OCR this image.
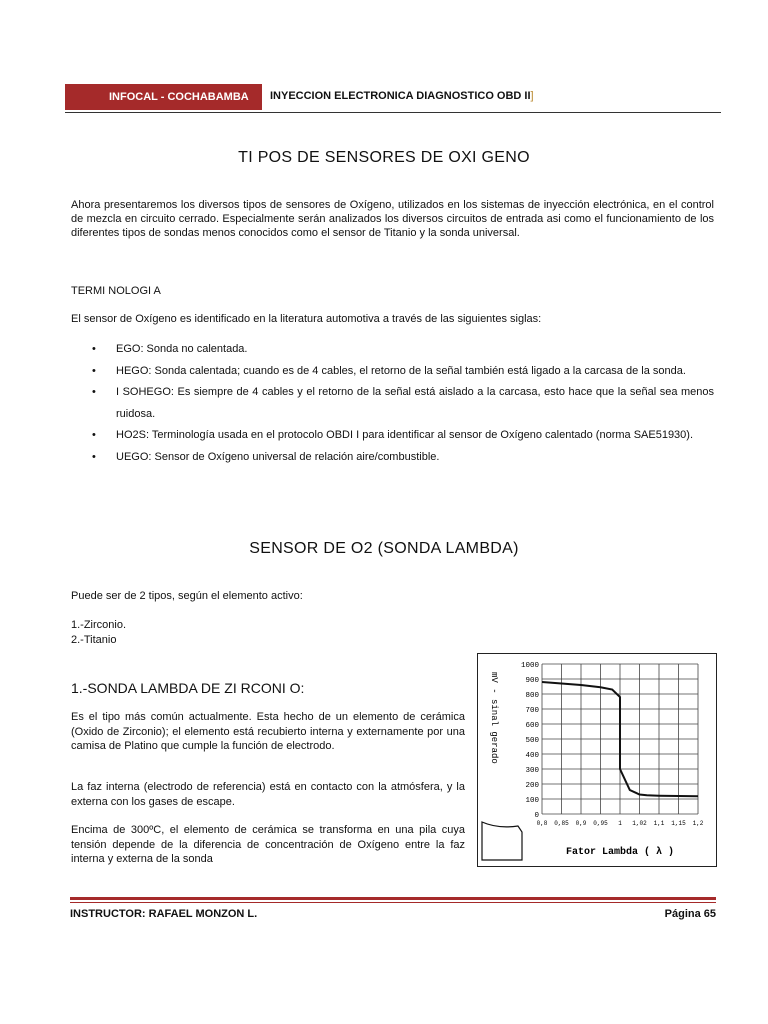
INFOCAL - COCHABAMBA	INYECCION ELECTRONICA DIAGNOSTICO OBD II]
TI POS DE SENSORES DE OXI GENO
Ahora presentaremos los diversos tipos de sensores de Oxígeno, utilizados en los sistemas de inyección electrónica, en el control de mezcla en circuito cerrado. Especialmente serán analizados los diversos circuitos de entrada asi como el funcionamiento de los diferentes tipos de sondas menos conocidos como el sensor de Titanio y la sonda universal.
TERMI NOLOGI A
El sensor de Oxígeno es identificado en la literatura automotiva a través de las siguientes siglas:
• EGO: Sonda no calentada.
• HEGO: Sonda calentada; cuando es de 4 cables, el retorno de la señal también está ligado a la carcasa de la sonda.
• I SOHEGO: Es siempre de 4 cables y el retorno de la señal está aislado a la carcasa, esto hace que la señal sea menos ruidosa.
• HO2S: Terminología usada en el protocolo OBDI I para identificar al sensor de Oxígeno calentado (norma SAE51930).
• UEGO: Sensor de Oxígeno universal de relación aire/combustible.
SENSOR DE O2 (SONDA LAMBDA)
Puede ser de 2 tipos, según el elemento activo:
1.-Zirconio.
2.-Titanio
1.-SONDA LAMBDA DE ZI RCONI O:
Es el tipo más común actualmente. Esta hecho de un elemento de cerámica (Oxido de Zirconio); el elemento está recubierto interna y externamente por una camisa de Platino que cumple la función de electrodo.
La faz interna (electrodo de referencia) está en contacto con la atmósfera, y la externa con los gases de escape.
Encima de 300ºC, el elemento de cerámica se transforma en una pila cuya tensión depende de la diferencia de concentración de Oxígeno entre la faz interna y externa de la sonda
0
100
200
300
400
500
600
700
800
900
1000
0,8 0,85 0,9 0,95 1 1,02 1,1 1,15 1,2
mV - sinal gerado
Fator Lambda ( λ )
INSTRUCTOR: RAFAEL MONZON L.	Página 65
